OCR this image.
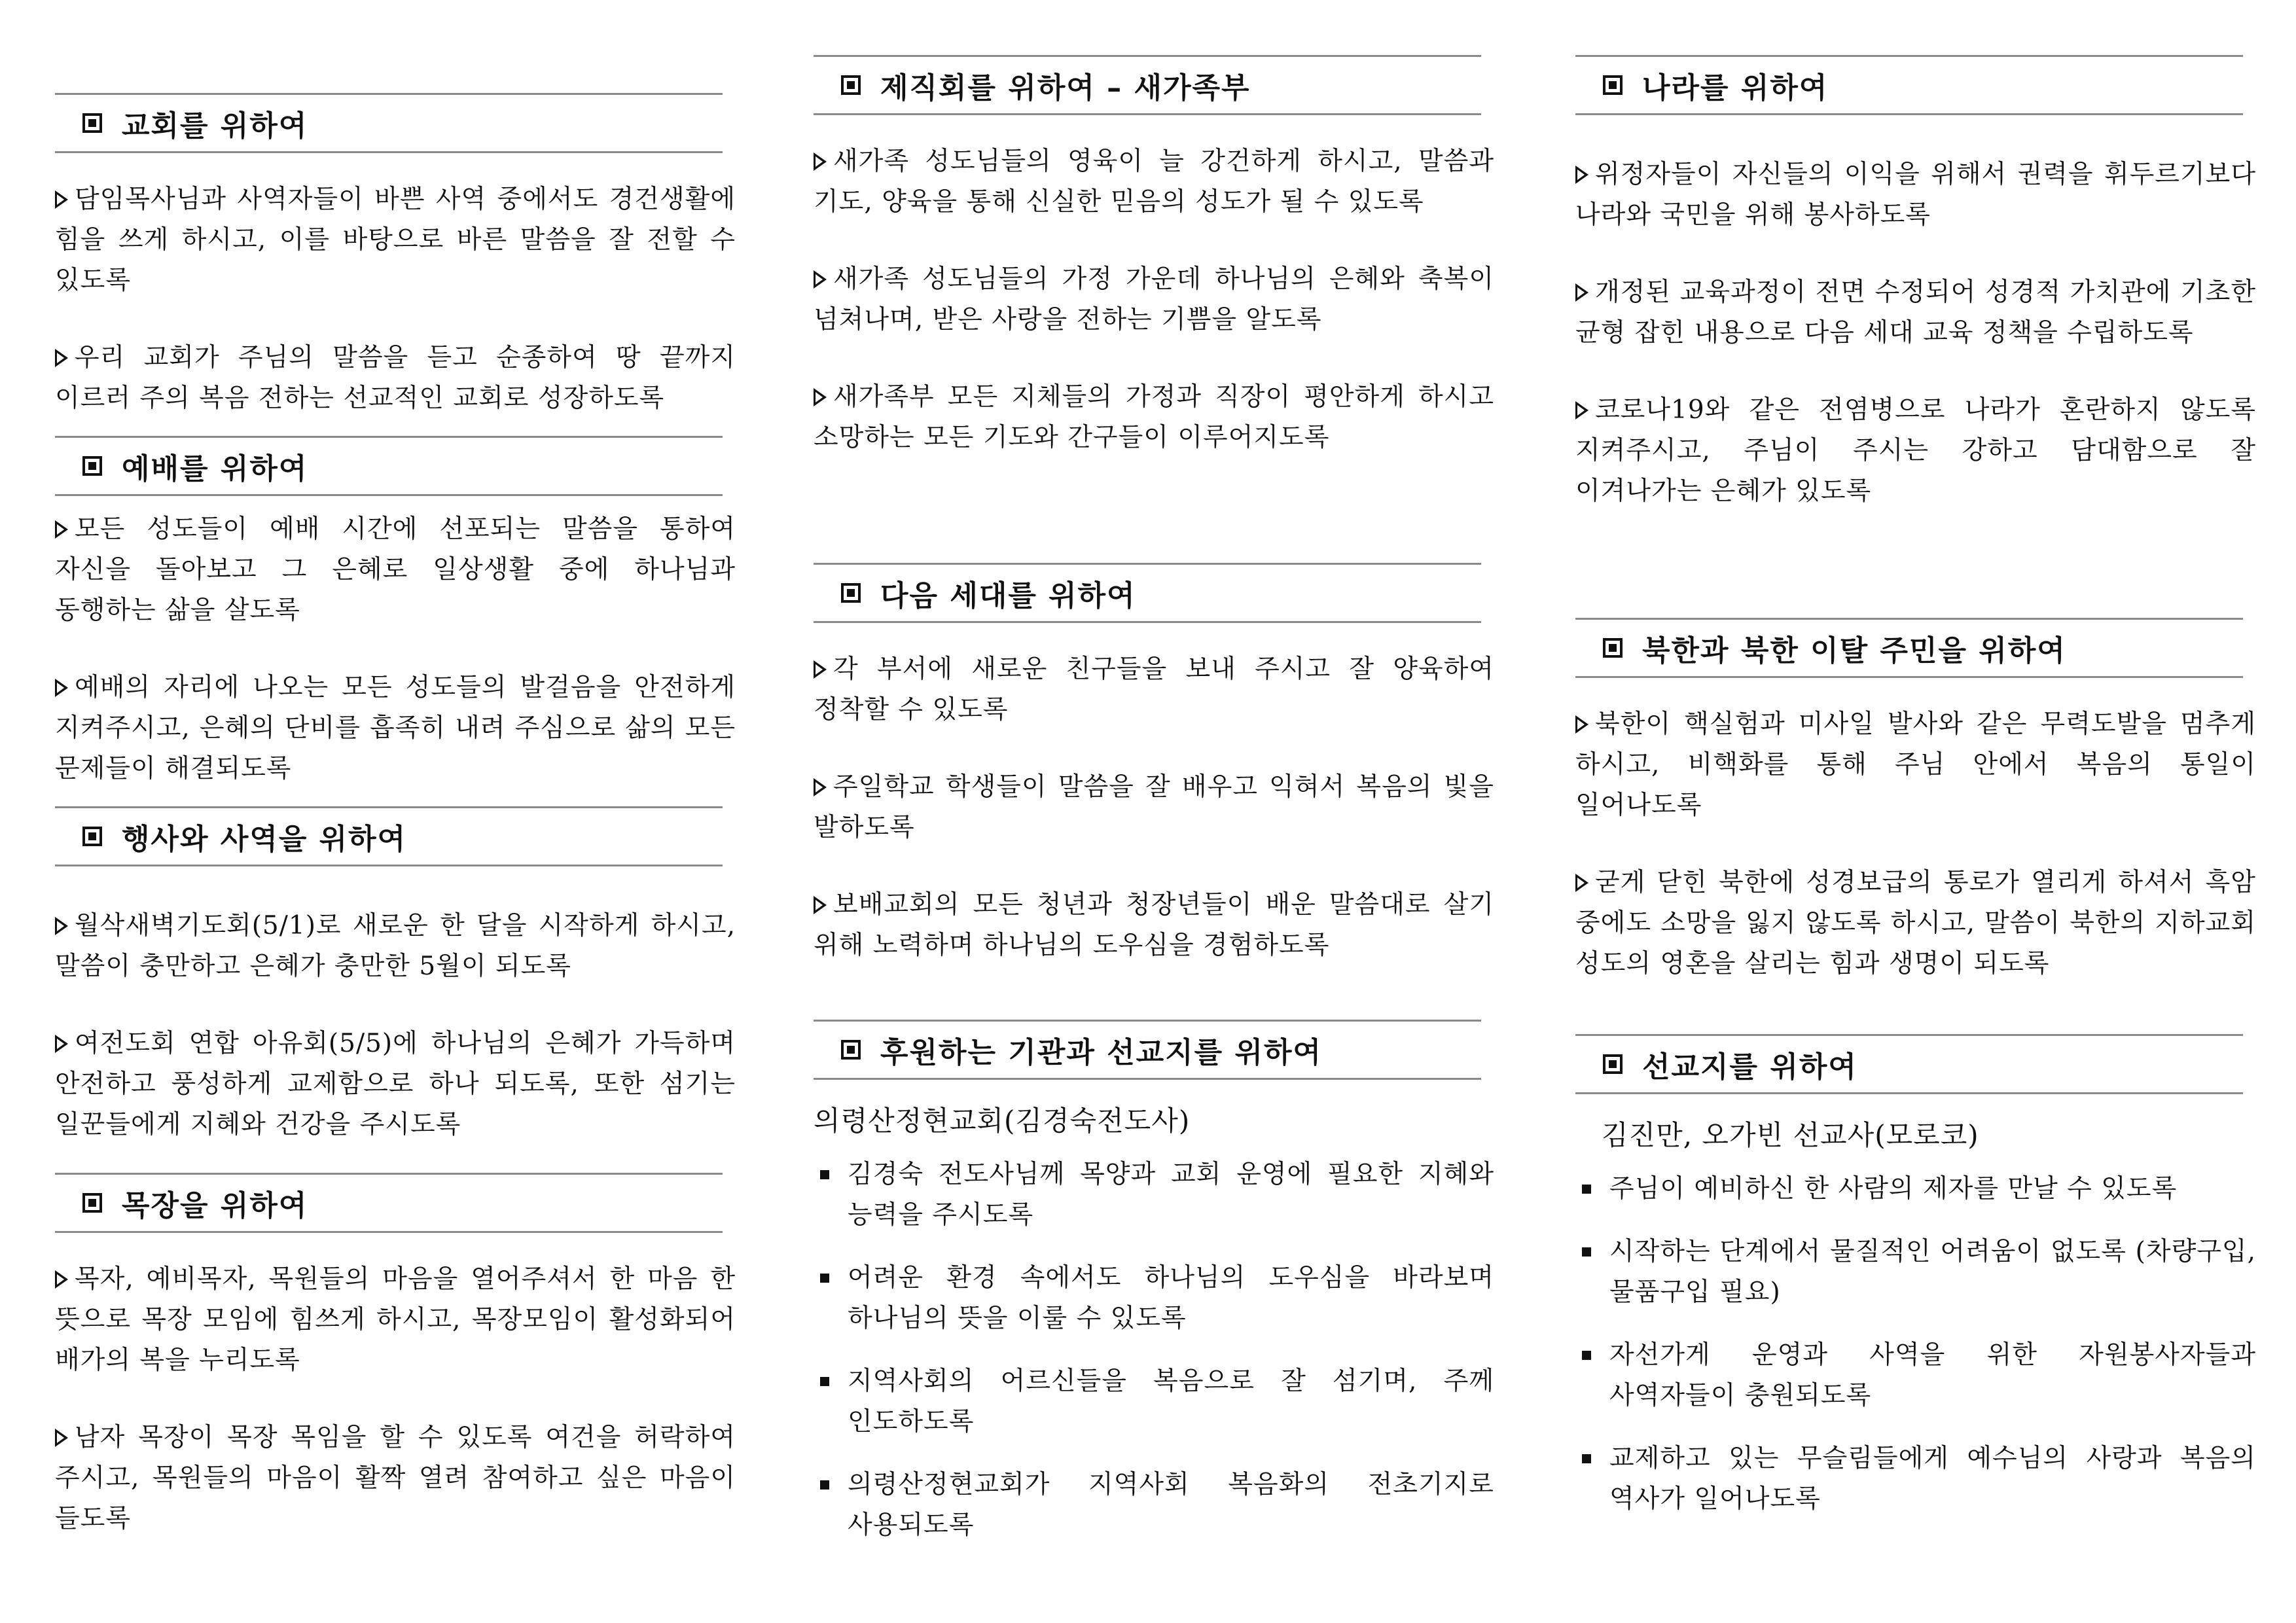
교회를 위하여

담임목사님과 사역자들이 바쁜 사역 중에서도 경건생활에 힘을 쓰게 하시고, 이를 바탕으로 바른 말씀을 잘 전할 수 있도록

우리 교회가 주님의 말씀을 듣고 순종하여 땅 끝까지 이르러 주의 복음 전하는 선교적인 교회로 성장하도록

예배를 위하여

모든 성도들이 예배 시간에 선포되는 말씀을 통하여 자신을 돌아보고 그 은혜로 일상생활 중에 하나님과 동행하는 삶을 살도록

예배의 자리에 나오는 모든 성도들의 발걸음을 안전하게 지켜주시고, 은혜의 단비를 흡족히 내려 주심으로 삶의 모든 문제들이 해결되도록

행사와 사역을 위하여

월삭새벽기도회(5/1)로 새로운 한 달을 시작하게 하시고, 말씀이 충만하고 은혜가 충만한 5월이 되도록

여전도회 연합 아유회(5/5)에 하나님의 은혜가 가득하며 안전하고 풍성하게 교제함으로 하나 되도록, 또한 섬기는 일꾼들에게 지혜와 건강을 주시도록

목장을 위하여

목자, 예비목자, 목원들의 마음을 열어주셔서 한 마음 한 뜻으로 목장 모임에 힘쓰게 하시고, 목장모임이 활성화되어 배가의 복을 누리도록

남자 목장이 목장 목임을 할 수 있도록 여건을 허락하여 주시고, 목원들의 마음이 활짝 열려 참여하고 싶은 마음이 들도록

제직회를 위하여 – 새가족부

새가족 성도님들의 영육이 늘 강건하게 하시고, 말씀과 기도, 양육을 통해 신실한 믿음의 성도가 될 수 있도록

새가족 성도님들의 가정 가운데 하나님의 은혜와 축복이 넘쳐나며, 받은 사랑을 전하는 기쁨을 알도록

새가족부 모든 지체들의 가정과 직장이 평안하게 하시고 소망하는 모든 기도와 간구들이 이루어지도록

다음 세대를 위하여

각 부서에 새로운 친구들을 보내 주시고 잘 양육하여 정착할 수 있도록

주일학교 학생들이 말씀을 잘 배우고 익혀서 복음의 빛을 발하도록

보배교회의 모든 청년과 청장년들이 배운 말씀대로 살기 위해 노력하며 하나님의 도우심을 경험하도록

후원하는 기관과 선교지를 위하여
의령산정현교회(김경숙전도사)
김경숙 전도사님께 목양과 교회 운영에 필요한 지혜와 능력을 주시도록
어려운 환경 속에서도 하나님의 도우심을 바라보며 하나님의 뜻을 이룰 수 있도록
지역사회의 어르신들을 복음으로 잘 섬기며, 주께 인도하도록
의령산정현교회가 지역사회 복음화의 전초기지로 사용되도록
나라를 위하여

위정자들이 자신들의 이익을 위해서 권력을 휘두르기보다 나라와 국민을 위해 봉사하도록

개정된 교육과정이 전면 수정되어 성경적 가치관에 기초한 균형 잡힌 내용으로 다음 세대 교육 정책을 수립하도록

코로나19와 같은 전염병으로 나라가 혼란하지 않도록 지켜주시고, 주님이 주시는 강하고 담대함으로 잘 이겨나가는 은혜가 있도록

북한과 북한 이탈 주민을 위하여

북한이 핵실험과 미사일 발사와 같은 무력도발을 멈추게 하시고, 비핵화를 통해 주님 안에서 복음의 통일이 일어나도록

굳게 닫힌 북한에 성경보급의 통로가 열리게 하셔서 흑암 중에도 소망을 잃지 않도록 하시고, 말씀이 북한의 지하교회 성도의 영혼을 살리는 힘과 생명이 되도록

선교지를 위하여
김진만, 오가빈 선교사(모로코)
주님이 예비하신 한 사람의 제자를 만날 수 있도록
시작하는 단계에서 물질적인 어려움이 없도록 (차량구입, 물품구입 필요)
자선가게 운영과 사역을 위한 자원봉사자들과 사역자들이 충원되도록
교제하고 있는 무슬림들에게 예수님의 사랑과 복음의 역사가 일어나도록
